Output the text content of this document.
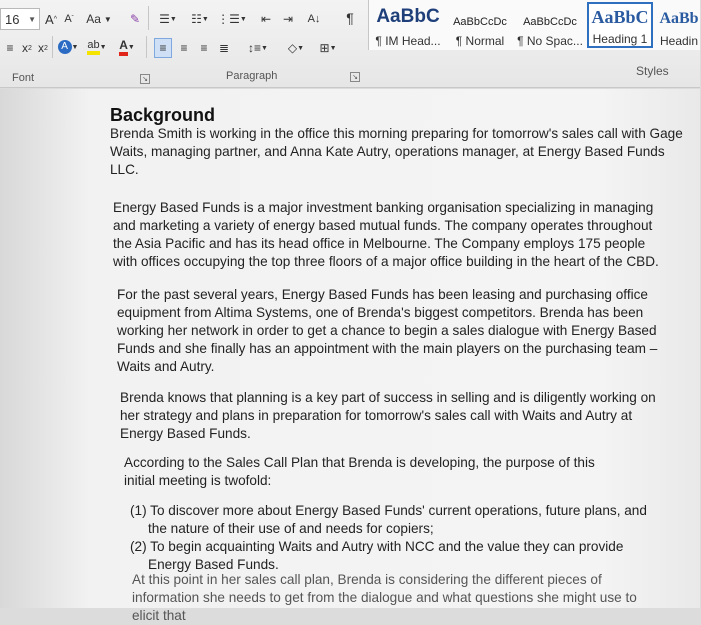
16 ▼ A ^ A ˇ Aa ▼	✎	☰ ▼	☷ ▼ ⋮☰ ▼	⇤ ⇥	A↓	¶
≡ x 2 x 2	A ▼ ab ▼ A ▼	≡	≡	≡ ≣	↕≡ ▼	◇ ▼	⊞ ▼
Font	↘	Paragraph	↘
AaBbC
¶ IM Head...
AaBbCcDc
¶ Normal
AaBbCcDc
¶ No Spac...
AaBbC
Heading 1
AaBb
Headin
Styles
Background
Brenda Smith is working in the office this morning preparing for tomorrow's sales call with Gage Waits, managing partner, and Anna Kate Autry, operations manager, at Energy Based Funds LLC.
Energy Based Funds is a major investment banking organisation specializing in managing and marketing a variety of energy based mutual funds. The company operates throughout the Asia Pacific and has its head office in Melbourne. The Company employs 175 people with offices occupying the top three floors of a major office building in the heart of the CBD.
For the past several years, Energy Based Funds has been leasing and purchasing office equipment from Altima Systems, one of Brenda's biggest competitors. Brenda has been working her network in order to get a chance to begin a sales dialogue with Energy Based Funds and she finally has an appointment with the main players on the purchasing team – Waits and Autry.
Brenda knows that planning is a key part of success in selling and is diligently working on her strategy and plans in preparation for tomorrow's sales call with Waits and Autry at Energy Based Funds.
According to the Sales Call Plan that Brenda is developing, the purpose of this initial meeting is twofold:
(1) To discover more about Energy Based Funds' current operations, future plans, and the nature of their use of and needs for copiers;
(2) To begin acquainting Waits and Autry with NCC and the value they can provide Energy Based Funds.
At this point in her sales call plan, Brenda is considering the different pieces of information she needs to get from the dialogue and what questions she might use to elicit that
